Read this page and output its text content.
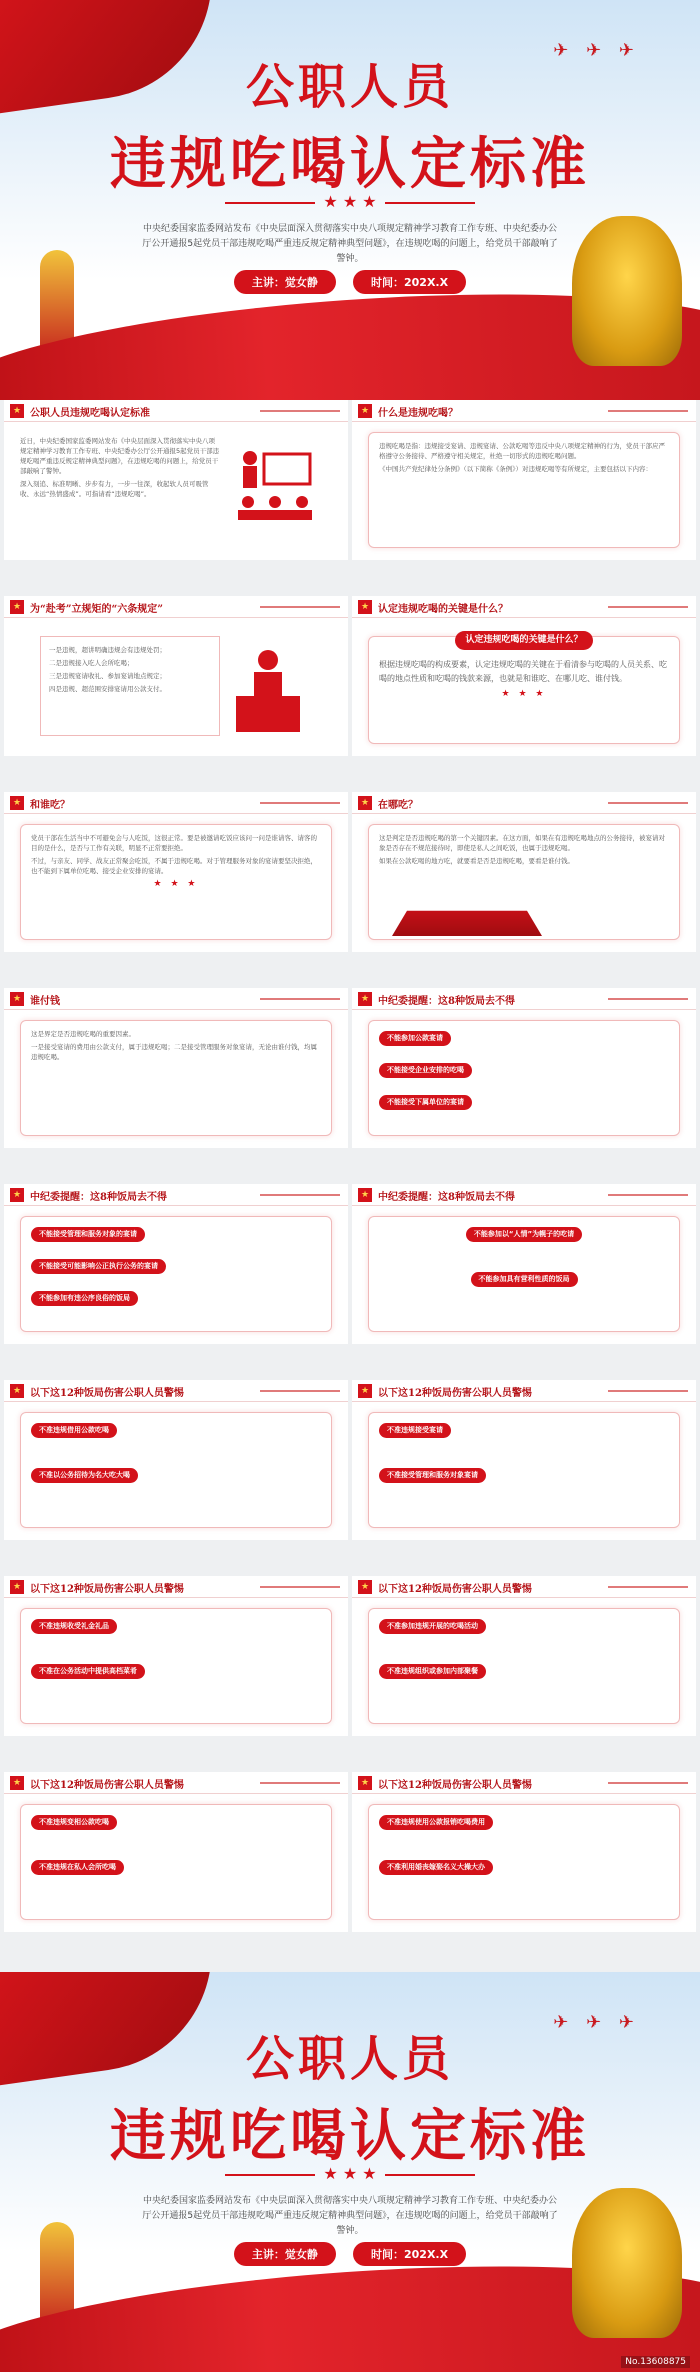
✈ ✈ ✈
公职人员
违规吃喝认定标准
★ ★ ★
中央纪委国家监委网站发布《中央层面深入贯彻落实中央八项规定精神学习教育工作专班、中央纪委办公厅公开通报5起党员干部违规吃喝严重违反规定精神典型问题》，在违规吃喝的问题上，给党员干部敲响了警钟。
主讲：觉女静	时间：202X.X
★ 公职人员违规吃喝认定标准
近日，中央纪委国家监委网站发布《中央层面深入贯彻落实中央八项规定精神学习教育工作专班、中央纪委办公厅公开通报5起党员干部违规吃喝严重违反规定精神典型问题》，在违规吃喝的问题上，给党员干部敲响了警钟。
深入刻追、标准明晰、步步有力，一步一往深，收起软人员可吸管收、永远“热情盛成”。可指请看“违规吃喝”。
★ 什么是违规吃喝？
违规吃喝是指：违规接受宴请、违规宴请、公款吃喝等违反中央八项规定精神的行为，党员干部应严格遵守公务接待、严格遵守相关规定，杜绝一切形式的违规吃喝问题。
《中国共产党纪律处分条例》（以下简称《条例》）对违规吃喝等有所规定，主要包括以下内容：
★ 为“赴考”立规矩的“六条规定”
一是违规，超讲明确违规会有违规处罚；
二是违规接入吃人会所吃喝；
三是违规宴请收礼、参加宴请地点规定；
四是违规、超范围安排宴请用公款支付。
★ 认定违规吃喝的关键是什么？
认定违规吃喝的关键是什么？
根据违规吃喝的构成要素，认定违规吃喝的关键在于看清参与吃喝的人员关系、吃喝的地点性质和吃喝的钱款来源，也就是和谁吃、在哪儿吃、谁付钱。
★ ★ ★
★ 和谁吃？
党员干部在生活当中不可避免会与人吃饭，这很正常。要是被邀请吃饭应该问一问是谁请客、请客的目的是什么，是否与工作有关联，明显不正常要拒绝。
不过，与亲友、同学、战友正常聚会吃饭，不属于违规吃喝。对于管理服务对象的宴请要坚决拒绝，也不能到下属单位吃喝、接受企业安排的宴请。
★ ★ ★
★ 在哪吃？
这是判定是否违规吃喝的第一个关键因素。在这方面，如果在有违规吃喝地点的公务接待，被宴请对象是否存在不规范接待时，即使是私人之间吃饭，也属于违规吃喝。
如果在公款吃喝的地方吃，就要看是否是违规吃喝，要看是谁付钱。
★ 谁付钱
这是界定是否违规吃喝的重要因素。
一是接受宴请的费用由公款支付，属于违规吃喝；二是接受管理服务对象宴请，无论由谁付钱，均属违规吃喝。
★ 中纪委提醒：这8种饭局去不得
不能参加公款宴请

不能接受企业安排的吃喝

不能接受下属单位的宴请
★ 中纪委提醒：这8种饭局去不得
不能接受管理和服务对象的宴请

不能接受可能影响公正执行公务的宴请

不能参加有违公序良俗的饭局
★ 中纪委提醒：这8种饭局去不得
不能参加以“人情”为幌子的吃请

不能参加具有营利性质的饭局
★ 以下这12种饭局伤害公职人员警惕
不准违规借用公款吃喝

不准以公务招待为名大吃大喝
★ 以下这12种饭局伤害公职人员警惕
不准违规接受宴请

不准接受管理和服务对象宴请
★ 以下这12种饭局伤害公职人员警惕
不准违规收受礼金礼品

不准在公务活动中提供高档菜肴
★ 以下这12种饭局伤害公职人员警惕
不准参加违规开展的吃喝活动

不准违规组织或参加内部聚餐
★ 以下这12种饭局伤害公职人员警惕
不准违规变相公款吃喝

不准违规在私人会所吃喝
★ 以下这12种饭局伤害公职人员警惕
不准违规使用公款报销吃喝费用

不准利用婚丧嫁娶名义大操大办
✈ ✈ ✈
公职人员
违规吃喝认定标准
★ ★ ★
中央纪委国家监委网站发布《中央层面深入贯彻落实中央八项规定精神学习教育工作专班、中央纪委办公厅公开通报5起党员干部违规吃喝严重违反规定精神典型问题》，在违规吃喝的问题上，给党员干部敲响了警钟。
主讲：觉女静	时间：202X.X
No.13608875
